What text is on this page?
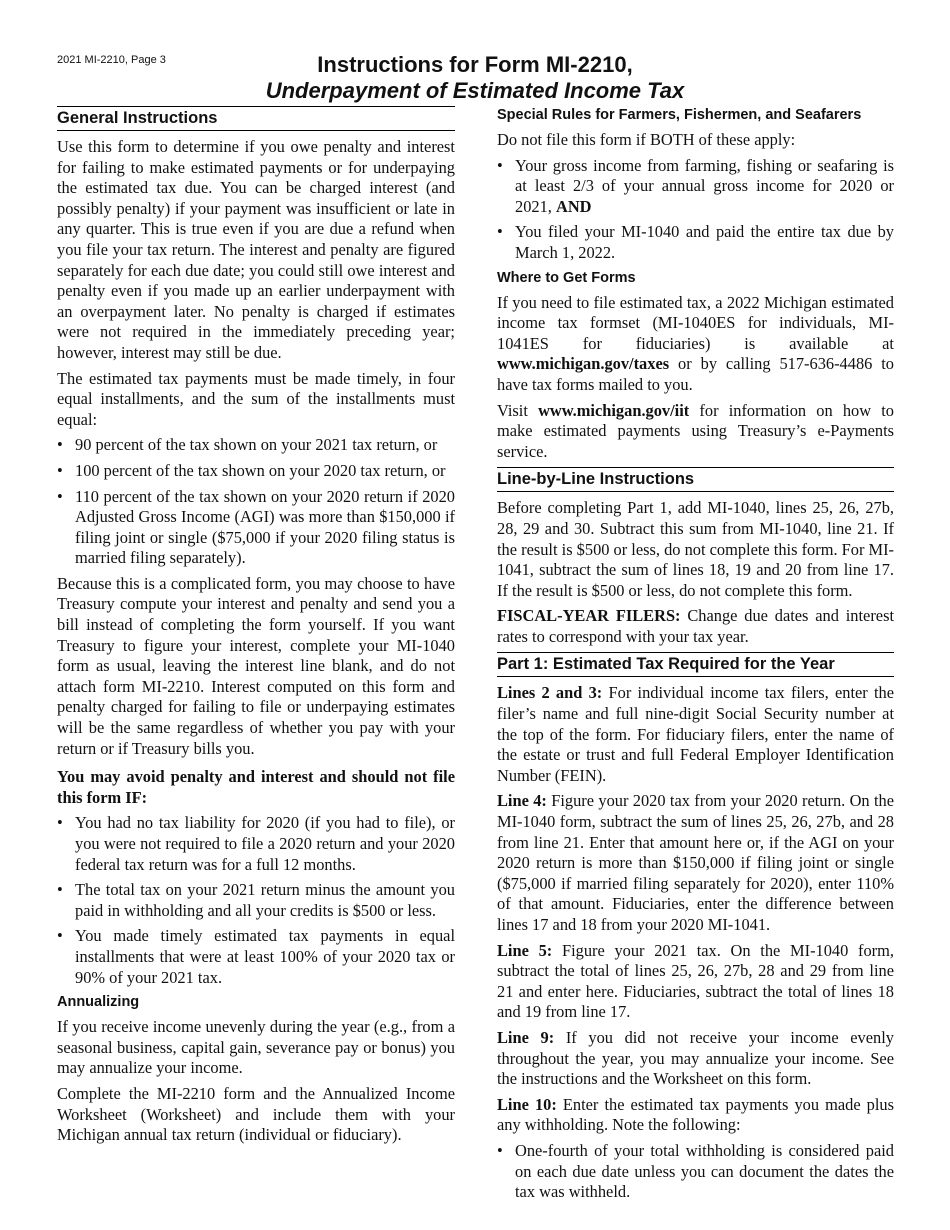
2021 MI-2210, Page 3	Instructions for Form MI-2210,
Underpayment of Estimated Income Tax
General Instructions

Use this form to determine if you owe penalty and interest for failing to make estimated payments or for underpaying the estimated tax due. You can be charged interest (and possibly penalty) if your payment was insufficient or late in any quarter. This is true even if you are due a refund when you file your tax return. The interest and penalty are figured separately for each due date; you could still owe interest and penalty even if you made up an earlier underpayment with an overpayment later. No penalty is charged if estimates were not required in the immediately preceding year; however, interest may still be due.

The estimated tax payments must be made timely, in four equal installments, and the sum of the installments must equal:

• 90 percent of the tax shown on your 2021 tax return, or
• 100 percent of the tax shown on your 2020 tax return, or
• 110 percent of the tax shown on your 2020 return if 2020 Adjusted Gross Income (AGI) was more than $150,000 if filing joint or single ($75,000 if your 2020 filing status is married filing separately).

Because this is a complicated form, you may choose to have Treasury compute your interest and penalty and send you a bill instead of completing the form yourself. If you want Treasury to figure your interest, complete your MI-1040 form as usual, leaving the interest line blank, and do not attach form MI-2210. Interest computed on this form and penalty charged for failing to file or underpaying estimates will be the same regardless of whether you pay with your return or if Treasury bills you.

You may avoid penalty and interest and should not file this form IF:

• You had no tax liability for 2020 (if you had to file), or you were not required to file a 2020 return and your 2020 federal tax return was for a full 12 months.
• The total tax on your 2021 return minus the amount you paid in withholding and all your credits is $500 or less.
• You made timely estimated tax payments in equal installments that were at least 100% of your 2020 tax or 90% of your 2021 tax.
Annualizing

If you receive income unevenly during the year (e.g., from a seasonal business, capital gain, severance pay or bonus) you may annualize your income.

Complete the MI-2210 form and the Annualized Income Worksheet (Worksheet) and include them with your Michigan annual tax return (individual or fiduciary).

Special Rules for Farmers, Fishermen, and Seafarers

Do not file this form if BOTH of these apply:

• Your gross income from farming, fishing or seafaring is at least 2/3 of your annual gross income for 2020 or 2021, AND
• You filed your MI-1040 and paid the entire tax due by March 1, 2022.
Where to Get Forms

If you need to file estimated tax, a 2022 Michigan estimated income tax formset (MI-1040ES for individuals, MI-1041ES for fiduciaries) is available at www.michigan.gov/taxes or by calling 517-636-4486 to have tax forms mailed to you.

Visit www.michigan.gov/iit for information on how to make estimated payments using Treasury’s e-Payments service.

Line-by-Line Instructions

Before completing Part 1, add MI-1040, lines 25, 26, 27b, 28, 29 and 30. Subtract this sum from MI-1040, line 21. If the result is $500 or less, do not complete this form. For MI-1041, subtract the sum of lines 18, 19 and 20 from line 17. If the result is $500 or less, do not complete this form.

FISCAL-YEAR FILERS: Change due dates and interest rates to correspond with your tax year.

Part 1: Estimated Tax Required for the Year

Lines 2 and 3: For individual income tax filers, enter the filer’s name and full nine-digit Social Security number at the top of the form. For fiduciary filers, enter the name of the estate or trust and full Federal Employer Identification Number (FEIN).

Line 4: Figure your 2020 tax from your 2020 return. On the MI-1040 form, subtract the sum of lines 25, 26, 27b, and 28 from line 21. Enter that amount here or, if the AGI on your 2020 return is more than $150,000 if filing joint or single ($75,000 if married filing separately for 2020), enter 110% of that amount. Fiduciaries, enter the difference between lines 17 and 18 from your 2020 MI-1041.

Line 5: Figure your 2021 tax. On the MI-1040 form, subtract the total of lines 25, 26, 27b, 28 and 29 from line 21 and enter here. Fiduciaries, subtract the total of lines 18 and 19 from line 17.

Line 9: If you did not receive your income evenly throughout the year, you may annualize your income. See the instructions and the Worksheet on this form.

Line 10: Enter the estimated tax payments you made plus any withholding. Note the following:

• One-fourth of your total withholding is considered paid on each due date unless you can document the dates the tax was withheld.
